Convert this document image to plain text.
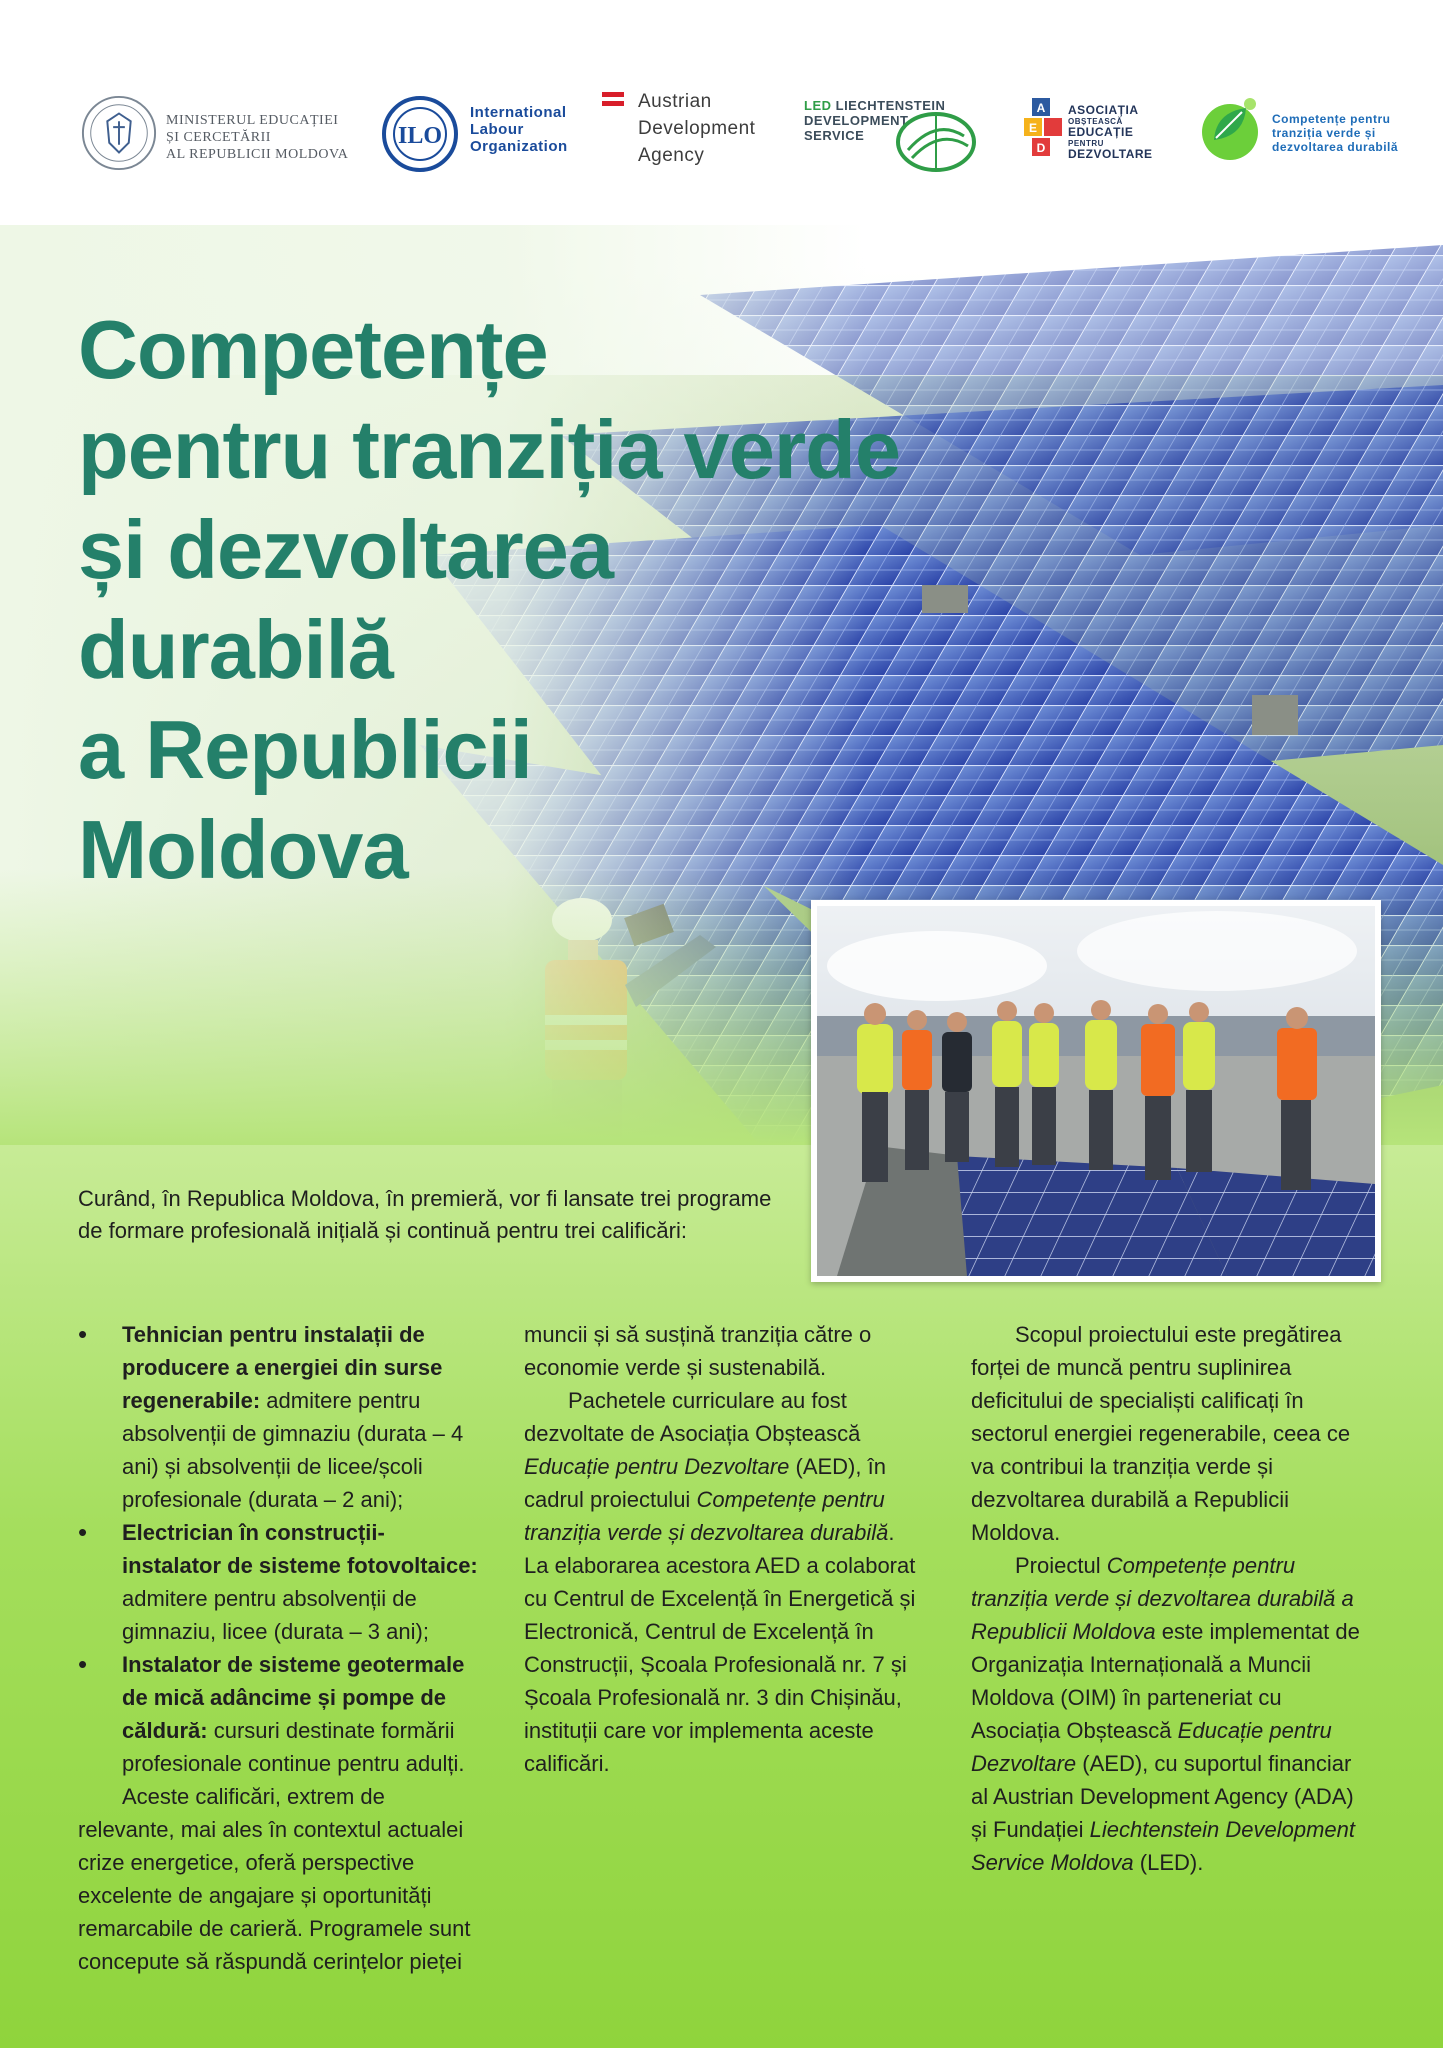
MINISTERUL EDUCAȚIEI
ȘI CERCETĂRII
AL REPUBLICII MOLDOVA
ILO
International
Labour
Organization
Austrian
Development
Agency
LED LIECHTENSTEIN
DEVELOPMENT
SERVICE
A
E
D
ASOCIAȚIA
OBȘTEASCĂ
EDUCAȚIE
PENTRU
DEZVOLTARE
Competențe pentru
tranziția verde și
dezvoltarea durabilă
Competențe
pentru tranziția verde
și dezvoltarea
durabilă
a Republicii
Moldova

Curând, în Republica Moldova, în premieră, vor fi lansate trei programe de formare profesională inițială și continuă pentru trei calificări:

• Tehnician pentru instalații de producere a energiei din surse regenerabile: admitere pentru absolvenții de gimnaziu (durata – 4 ani) și absolvenții de licee/școli profesionale (durata – 2 ani);
• Electrician în construcții-instalator de sisteme fotovoltaice: admitere pentru absolvenții de gimnaziu, licee (durata – 3 ani);
• Instalator de sisteme geotermale de mică adâncime și pompe de căldură: cursuri destinate formării profesionale continue pentru adulți.

Aceste calificări, extrem de relevante, mai ales în contextul actualei crize energetice, oferă perspective excelente de angajare și oportunități remarcabile de carieră. Programele sunt concepute să răspundă cerințelor pieței

muncii și să susțină tranziția către o economie verde și sustenabilă.

Pachetele curriculare au fost dezvoltate de Asociația Obștească Educație pentru Dezvoltare (AED), în cadrul proiectului Competențe pentru tranziția verde și dezvoltarea durabilă. La elaborarea acestora AED a colaborat cu Centrul de Excelență în Energetică și Electronică, Centrul de Excelență în Construcții, Școala Profesională nr. 7 și Școala Profesională nr. 3 din Chișinău, instituții care vor implementa aceste calificări.

Scopul proiectului este pregătirea forței de muncă pentru suplinirea deficitului de specialiști calificați în sectorul energiei regenerabile, ceea ce va contribui la tranziția verde și dezvoltarea durabilă a Republicii Moldova.

Proiectul Competențe pentru tranziția verde și dezvoltarea durabilă a Republicii Moldova este implementat de Organizația Internațională a Muncii Moldova (OIM) în parteneriat cu Asociația Obștească Educație pentru Dezvoltare (AED), cu suportul financiar al Austrian Development Agency (ADA) și Fundației Liechtenstein Development Service Moldova (LED).
